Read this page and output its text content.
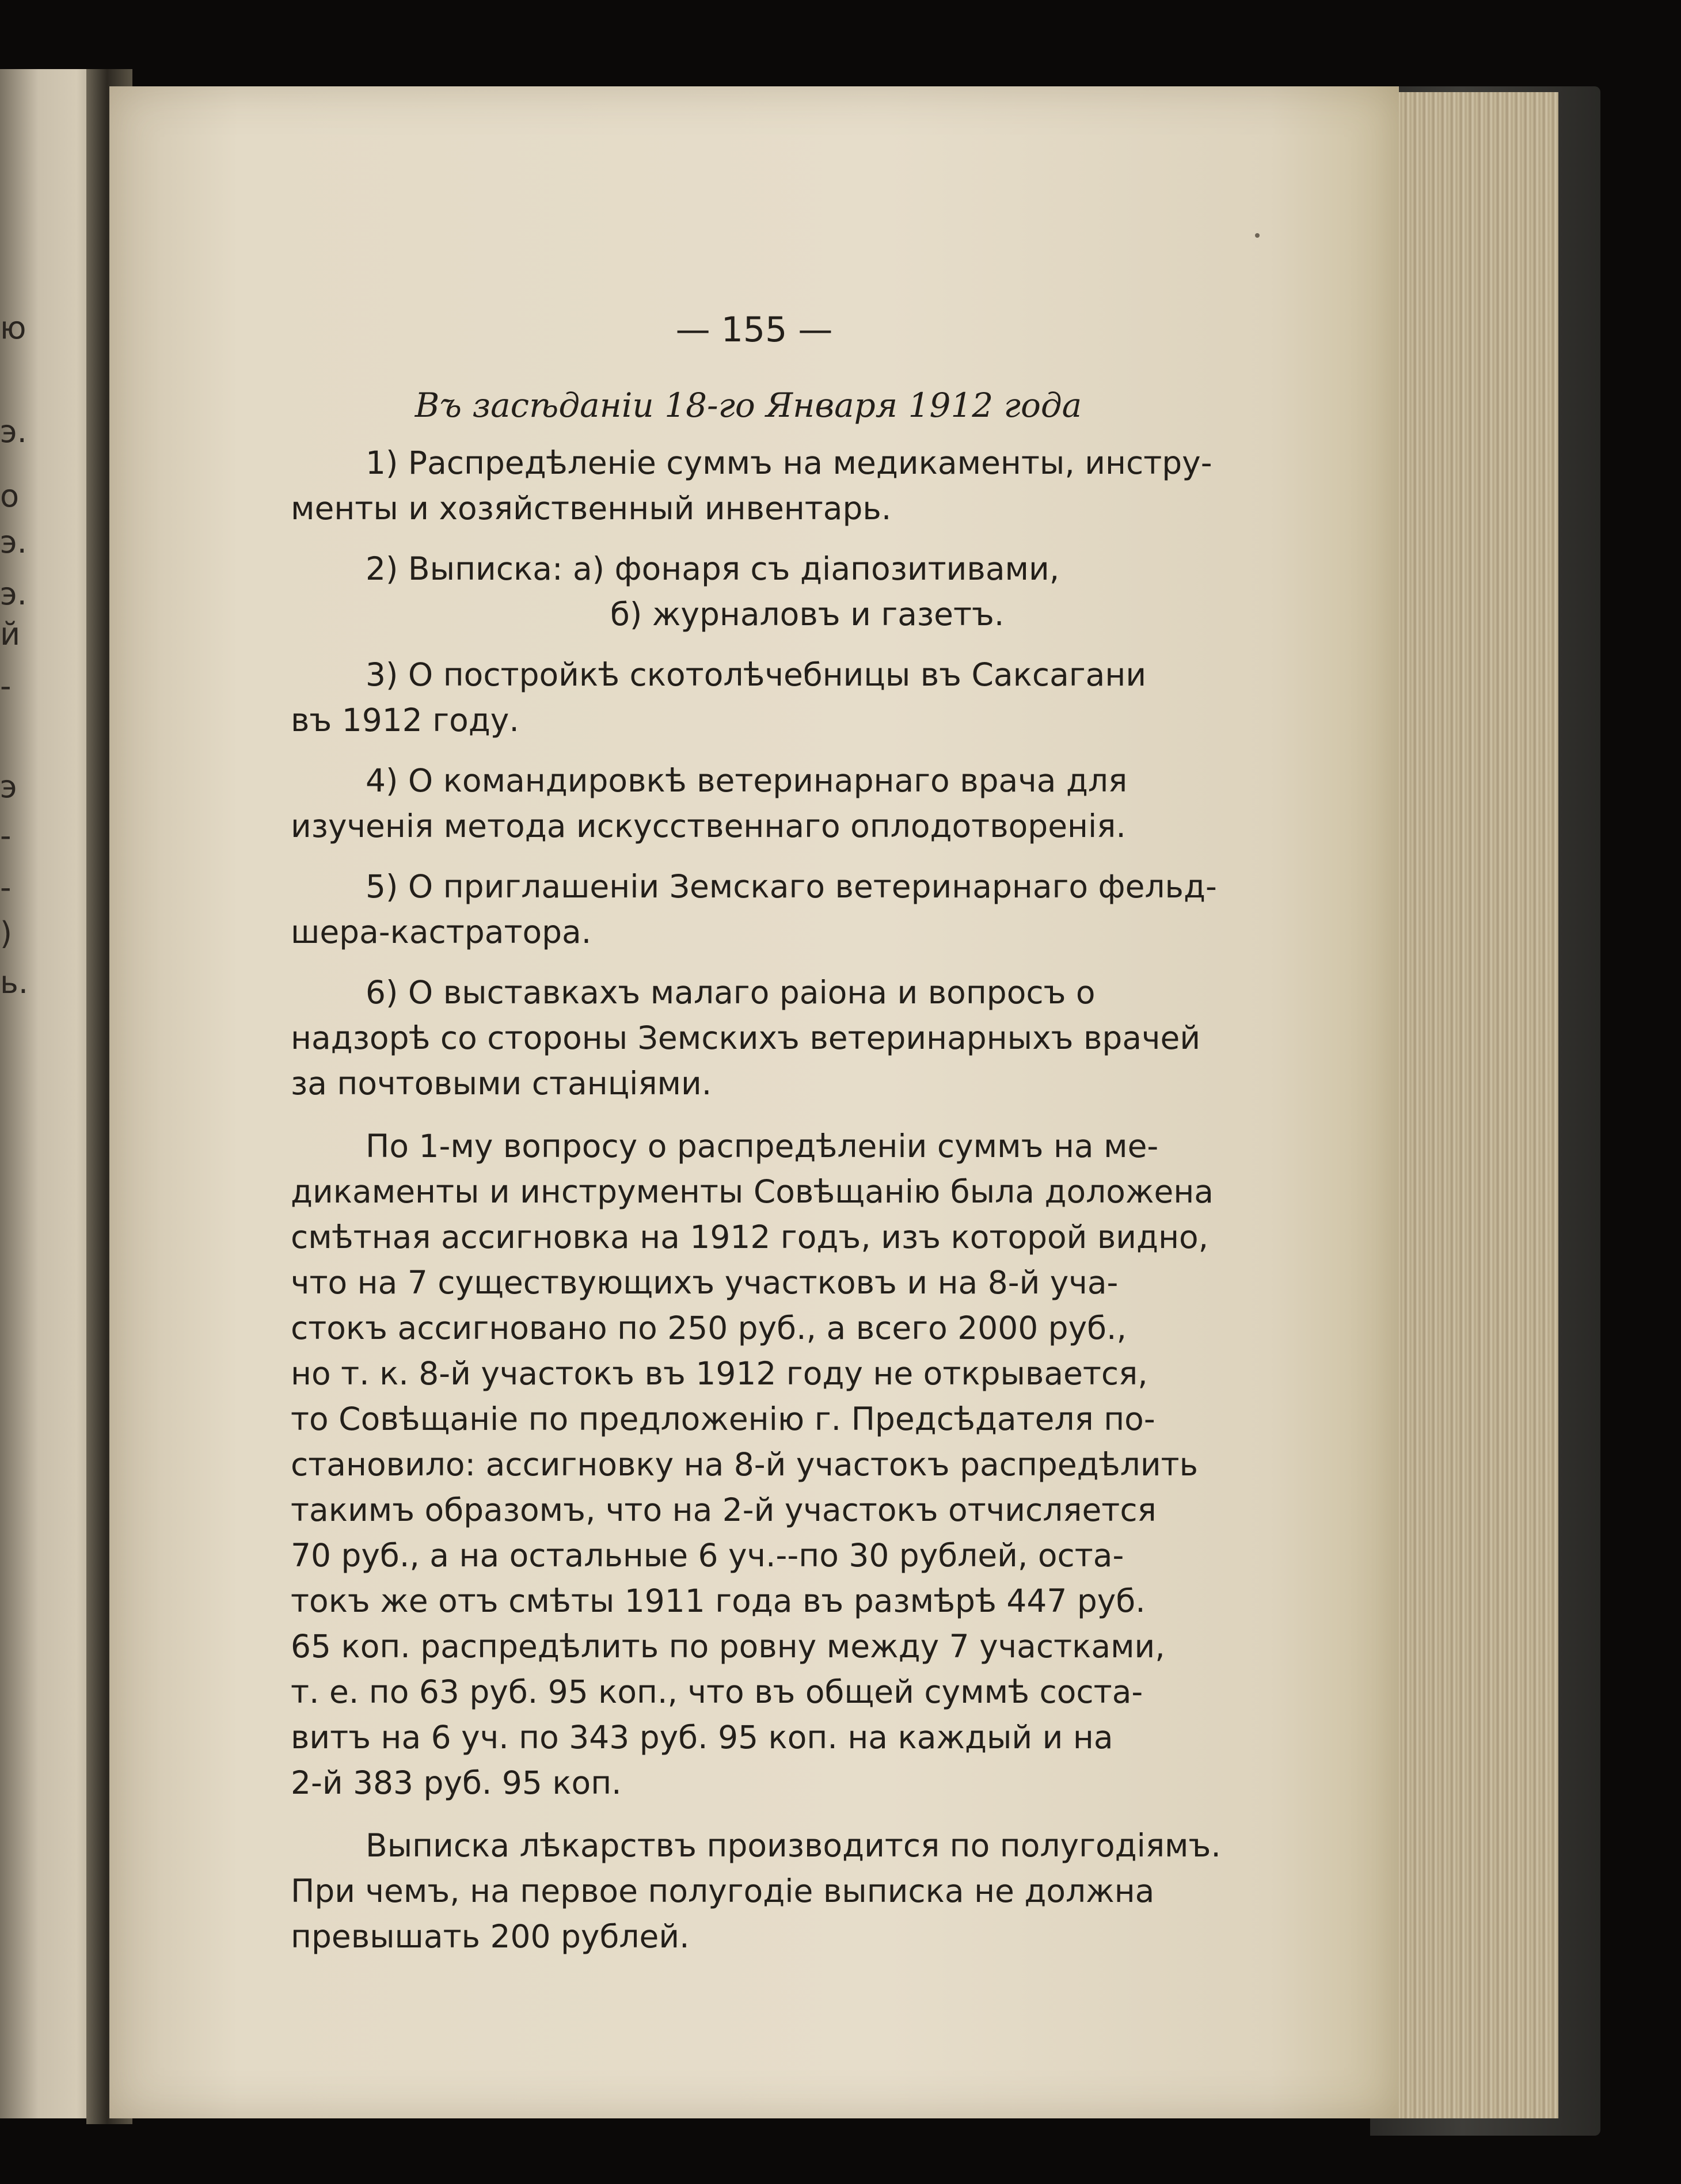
ю
э.
о
э.
э.
й
-
э
-
-
)
ь.
— 155 —
Въ засѣданіи 18-го Января 1912 года

1) Распредѣленіе суммъ на медикаменты, инстру-
менты и хозяйственный инвентарь.

2) Выписка: а) фонаря съ діапозитивами,
б) журналовъ и газетъ.

3) О постройкѣ скотолѣчебницы въ Саксагани
въ 1912 году.

4) О командировкѣ ветеринарнаго врача для
изученія метода искусственнаго оплодотворенія.

5) О приглашеніи Земскаго ветеринарнаго фельд-
шера-кастратора.

6) О выставкахъ малаго раіона и вопросъ о
надзорѣ со стороны Земскихъ ветеринарныхъ врачей
за почтовыми станціями.

По 1-му вопросу о распредѣленіи суммъ на ме-
дикаменты и инструменты Совѣщанію была доложена
смѣтная ассигновка на 1912 годъ, изъ которой видно,
что на 7 существующихъ участковъ и на 8-й уча-
стокъ ассигновано по 250 руб., а всего 2000 руб.,
но т. к. 8-й участокъ въ 1912 году не открывается,
то Совѣщаніе по предложенію г. Предсѣдателя по-
становило: ассигновку на 8-й участокъ распредѣлить
такимъ образомъ, что на 2-й участокъ отчисляется
70 руб., а на остальные 6 уч.--по 30 рублей, оста-
токъ же отъ смѣты 1911 года въ размѣрѣ 447 руб.
65 коп. распредѣлить по ровну между 7 участками,
т. е. по 63 руб. 95 коп., что въ общей суммѣ соста-
витъ на 6 уч. по 343 руб. 95 коп. на каждый и на
2-й 383 руб. 95 коп.

Выписка лѣкарствъ производится по полугодіямъ.
При чемъ, на первое полугодіе выписка не должна
превышать 200 рублей.
